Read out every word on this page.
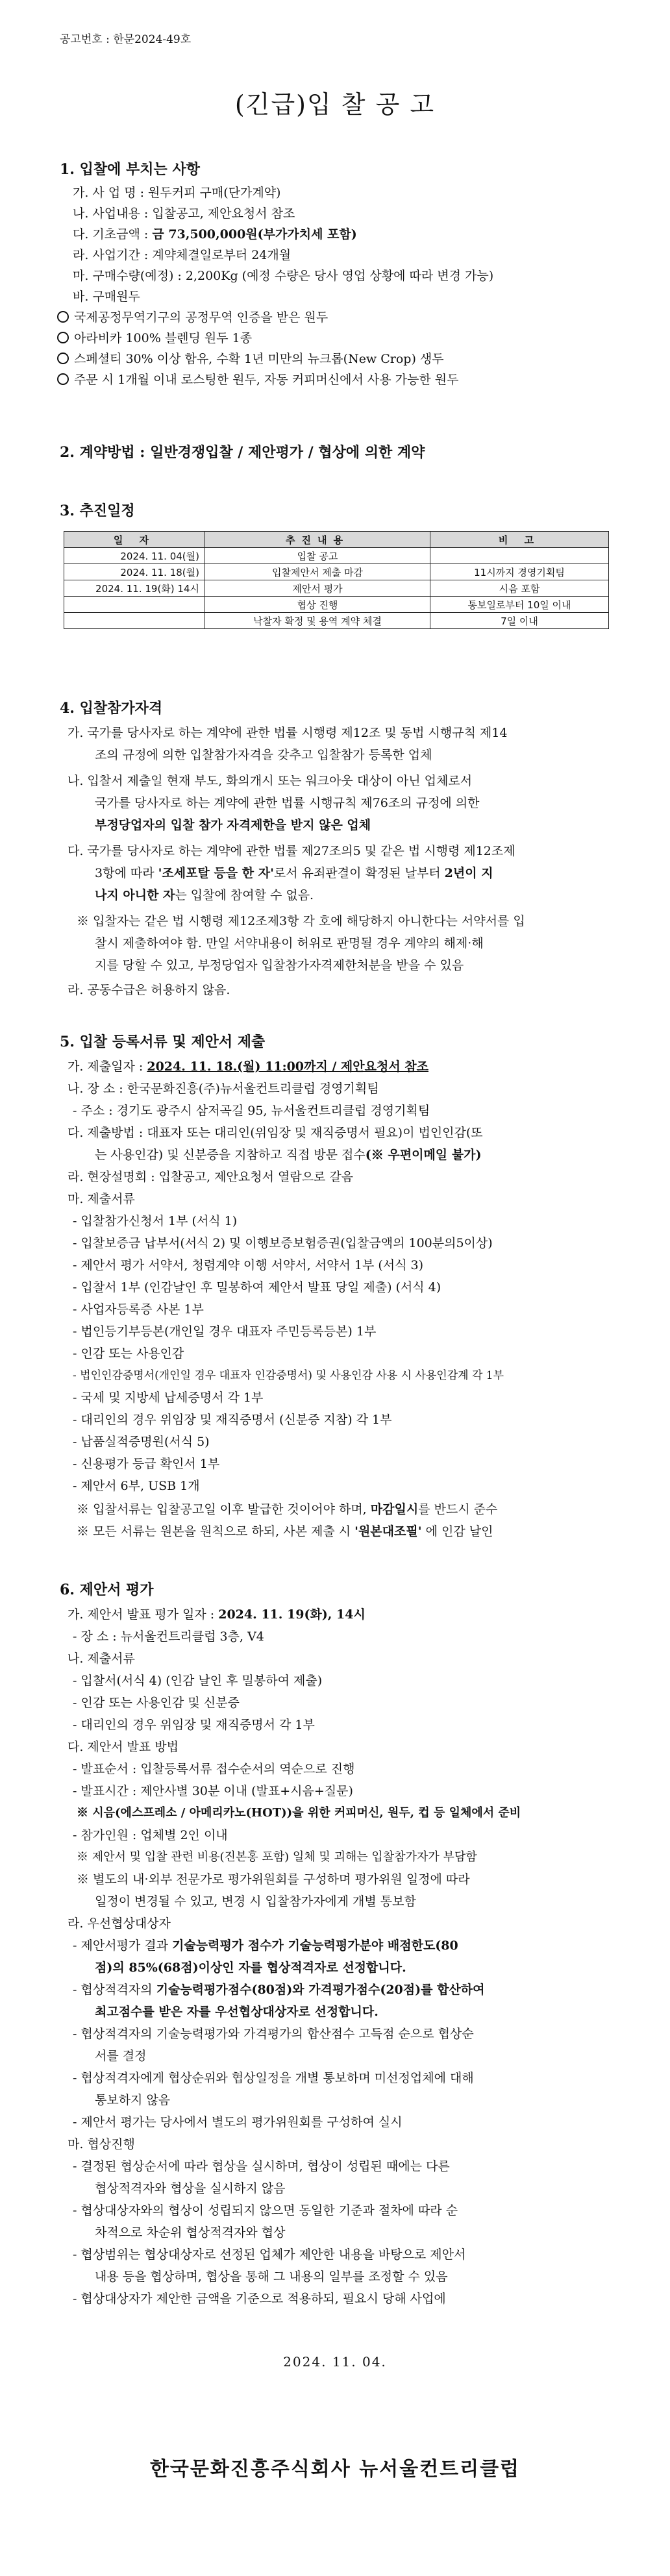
공고번호 : 한문2024-49호
(긴급)입 찰 공 고
1. 입찰에 부치는 사항
가. 사 업 명 : 원두커피 구매(단가계약)
나. 사업내용 : 입찰공고, 제안요청서 참조
다. 기초금액 : 금 73,500,000원(부가가치세 포함)
라. 사업기간 : 계약체결일로부터 24개월
마. 구매수량(예정) : 2,200Kg (예정 수량은 당사 영업 상황에 따라 변경 가능)
바. 구매원두
국제공정무역기구의 공정무역 인증을 받은 원두
아라비카 100% 블렌딩 원두 1종
스페셜티 30% 이상 함유, 수확 1년 미만의 뉴크롭(New Crop) 생두
주문 시 1개월 이내 로스팅한 원두, 자동 커피머신에서 사용 가능한 원두
2. 계약방법 : 일반경쟁입찰 / 제안평가 / 협상에 의한 계약
3. 추진일정
일 자	추진내용	비 고
2024. 11. 04(월)	입찰 공고	
2024. 11. 18(월)	입찰제안서 제출 마감	11시까지 경영기획팀
2024. 11. 19(화) 14시	제안서 평가	시음 포함
	협상 진행	통보일로부터 10일 이내
	낙찰자 확정 및 용역 계약 체결	7일 이내
4. 입찰참가자격
가. 국가를 당사자로 하는 계약에 관한 법률 시행령 제12조 및 동법 시행규칙 제14
조의 규정에 의한 입찰참가자격을 갖추고 입찰참가 등록한 업체
나. 입찰서 제출일 현재 부도, 화의개시 또는 워크아웃 대상이 아닌 업체로서
국가를 당사자로 하는 계약에 관한 법률 시행규칙 제76조의 규정에 의한
부정당업자의 입찰 참가 자격제한을 받지 않은 업체
다. 국가를 당사자로 하는 계약에 관한 법률 제27조의5 및 같은 법 시행령 제12조제
3항에 따라 '조세포탈 등을 한 자'로서 유죄판결이 확정된 날부터 2년이 지
나지 아니한 자는 입찰에 참여할 수 없음.
※ 입찰자는 같은 법 시행령 제12조제3항 각 호에 해당하지 아니한다는 서약서를 입
찰시 제출하여야 함. 만일 서약내용이 허위로 판명될 경우 계약의 해제·해
지를 당할 수 있고, 부정당업자 입찰참가자격제한처분을 받을 수 있음
라. 공동수급은 허용하지 않음.
5. 입찰 등록서류 및 제안서 제출
가. 제출일자 : 2024. 11. 18.(월) 11:00까지 / 제안요청서 참조
나. 장 소 : 한국문화진흥(주)뉴서울컨트리클럽 경영기획팀
- 주소 : 경기도 광주시 삼저곡길 95, 뉴서울컨트리클럽 경영기획팀
다. 제출방법 : 대표자 또는 대리인(위임장 및 재직증명서 필요)이 법인인감(또
는 사용인감) 및 신분증을 지참하고 직접 방문 접수(※ 우편이메일 불가)
라. 현장설명회 : 입찰공고, 제안요청서 열람으로 갈음
마. 제출서류
- 입찰참가신청서 1부 (서식 1)
- 입찰보증금 납부서(서식 2) 및 이행보증보험증권(입찰금액의 100분의5이상)
- 제안서 평가 서약서, 청렴계약 이행 서약서, 서약서 1부 (서식 3)
- 입찰서 1부 (인감날인 후 밀봉하여 제안서 발표 당일 제출) (서식 4)
- 사업자등록증 사본 1부
- 법인등기부등본(개인일 경우 대표자 주민등록등본) 1부
- 인감 또는 사용인감
- 법인인감증명서(개인일 경우 대표자 인감증명서) 및 사용인감 사용 시 사용인감계 각 1부
- 국세 및 지방세 납세증명서 각 1부
- 대리인의 경우 위임장 및 재직증명서 (신분증 지참) 각 1부
- 납품실적증명원(서식 5)
- 신용평가 등급 확인서 1부
- 제안서 6부, USB 1개
※ 입찰서류는 입찰공고일 이후 발급한 것이어야 하며, 마감일시를 반드시 준수
※ 모든 서류는 원본을 원칙으로 하되, 사본 제출 시 '원본대조필' 에 인감 날인
6. 제안서 평가
가. 제안서 발표 평가 일자 : 2024. 11. 19(화), 14시
- 장 소 : 뉴서울컨트리클럽 3층, V4
나. 제출서류
- 입찰서(서식 4) (인감 날인 후 밀봉하여 제출)
- 인감 또는 사용인감 및 신분증
- 대리인의 경우 위임장 및 재직증명서 각 1부
다. 제안서 발표 방법
- 발표순서 : 입찰등록서류 접수순서의 역순으로 진행
- 발표시간 : 제안사별 30분 이내 (발표+시음+질문)
※ 시음(에스프레소 / 아메리카노(HOT))을 위한 커피머신, 원두, 컵 등 일체에서 준비
- 참가인원 : 업체별 2인 이내
※ 제안서 및 입찰 관련 비용(진본홍 포함) 일체 및 괴해는 입찰참가자가 부담함
※ 별도의 내·외부 전문가로 평가위원회를 구성하며 평가위원 일정에 따라
일정이 변경될 수 있고, 변경 시 입찰참가자에게 개별 통보함
라. 우선협상대상자
- 제안서평가 결과 기술능력평가 점수가 기술능력평가분야 배점한도(80
점)의 85%(68점)이상인 자를 협상적격자로 선정합니다.
- 협상적격자의 기술능력평가점수(80점)와 가격평가점수(20점)를 합산하여
최고점수를 받은 자를 우선협상대상자로 선정합니다.
- 협상적격자의 기술능력평가와 가격평가의 합산점수 고득점 순으로 협상순
서를 결정
- 협상적격자에게 협상순위와 협상일정을 개별 통보하며 미선정업체에 대해
통보하지 않음
- 제안서 평가는 당사에서 별도의 평가위원회를 구성하여 실시
마. 협상진행
- 결정된 협상순서에 따라 협상을 실시하며, 협상이 성립된 때에는 다른
협상적격자와 협상을 실시하지 않음
- 협상대상자와의 협상이 성립되지 않으면 동일한 기준과 절차에 따라 순
차적으로 차순위 협상적격자와 협상
- 협상범위는 협상대상자로 선정된 업체가 제안한 내용을 바탕으로 제안서
내용 등을 협상하며, 협상을 통해 그 내용의 일부를 조정할 수 있음
- 협상대상자가 제안한 금액을 기준으로 적용하되, 필요시 당해 사업에
2024. 11. 04.
한국문화진흥주식회사 뉴서울컨트리클럽
